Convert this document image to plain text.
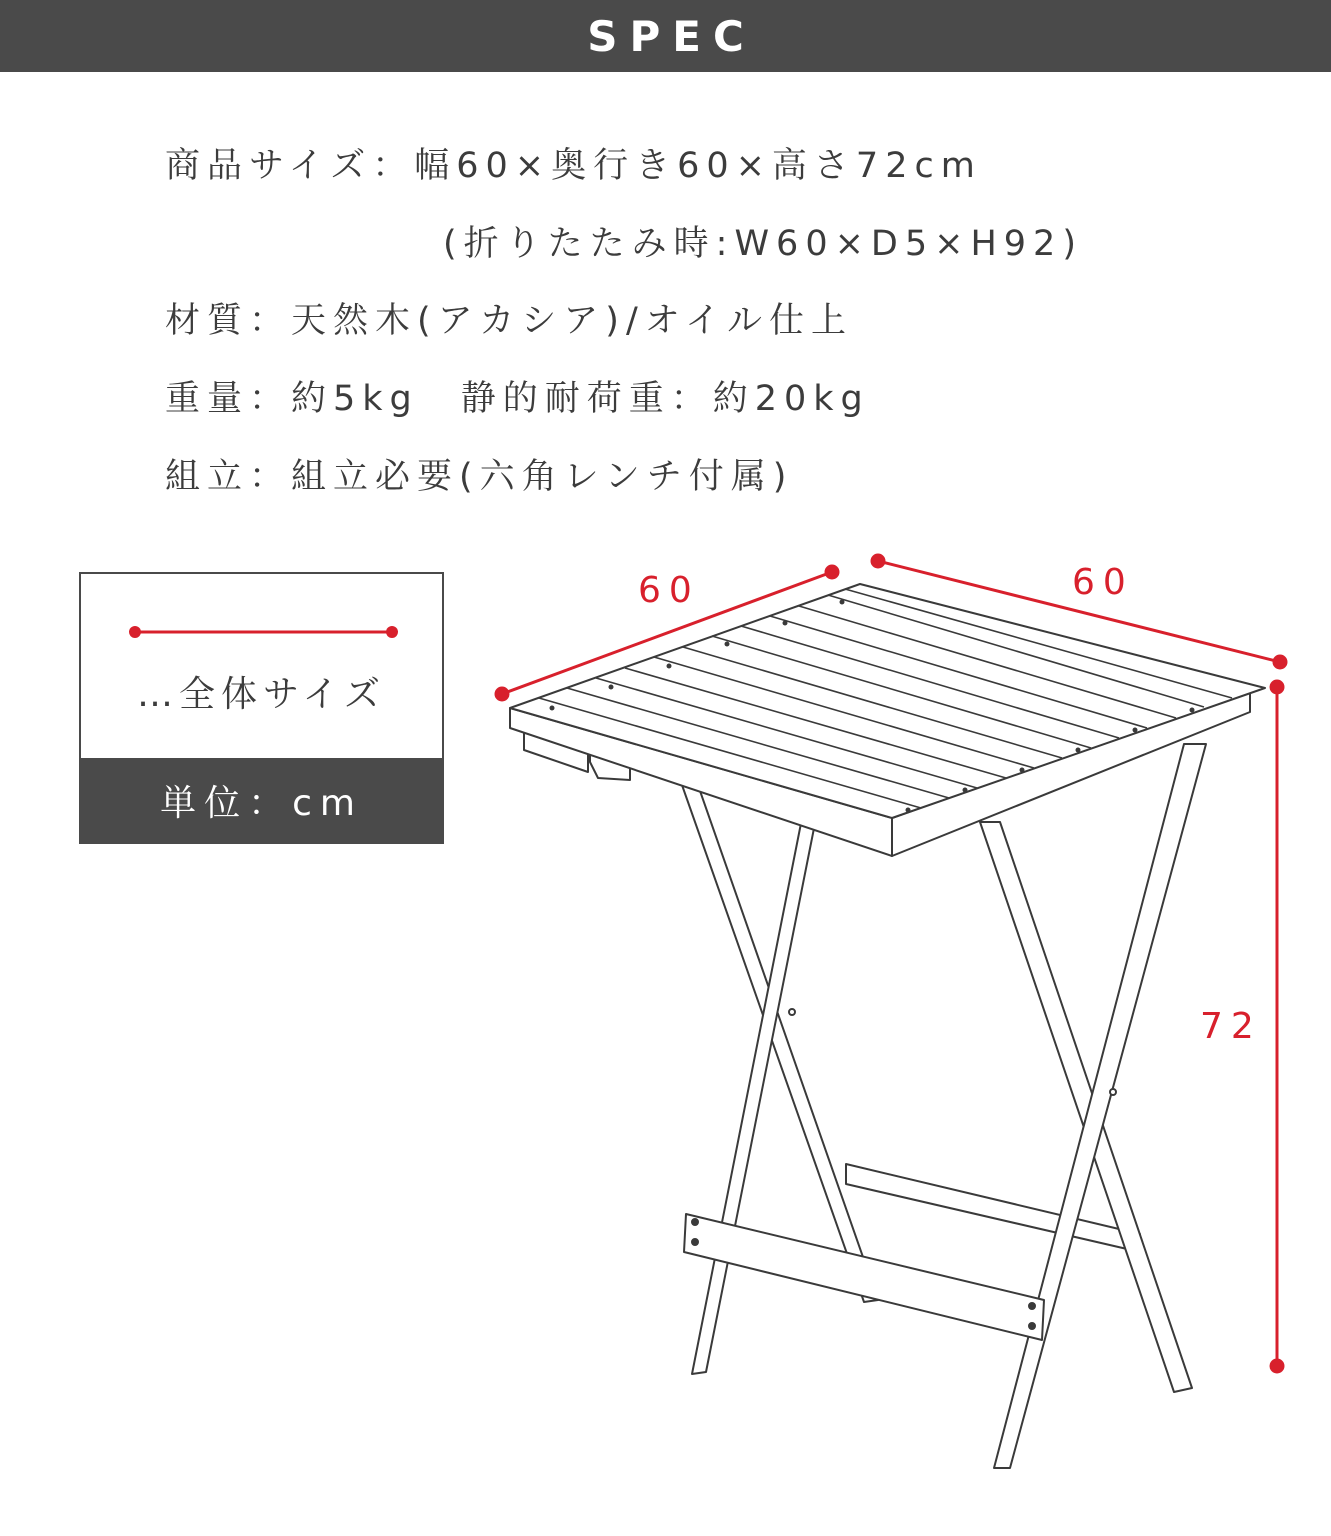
SPEC
商品サイズ：幅60×奥行き60×高さ72cm
(折りたたみ時:W60×D5×H92)
材質：天然木(アカシア)/オイル仕上
重量：約5kg　静的耐荷重：約20kg
組立：組立必要(六角レンチ付属)
…全体サイズ
単位：cm
60	60
72
